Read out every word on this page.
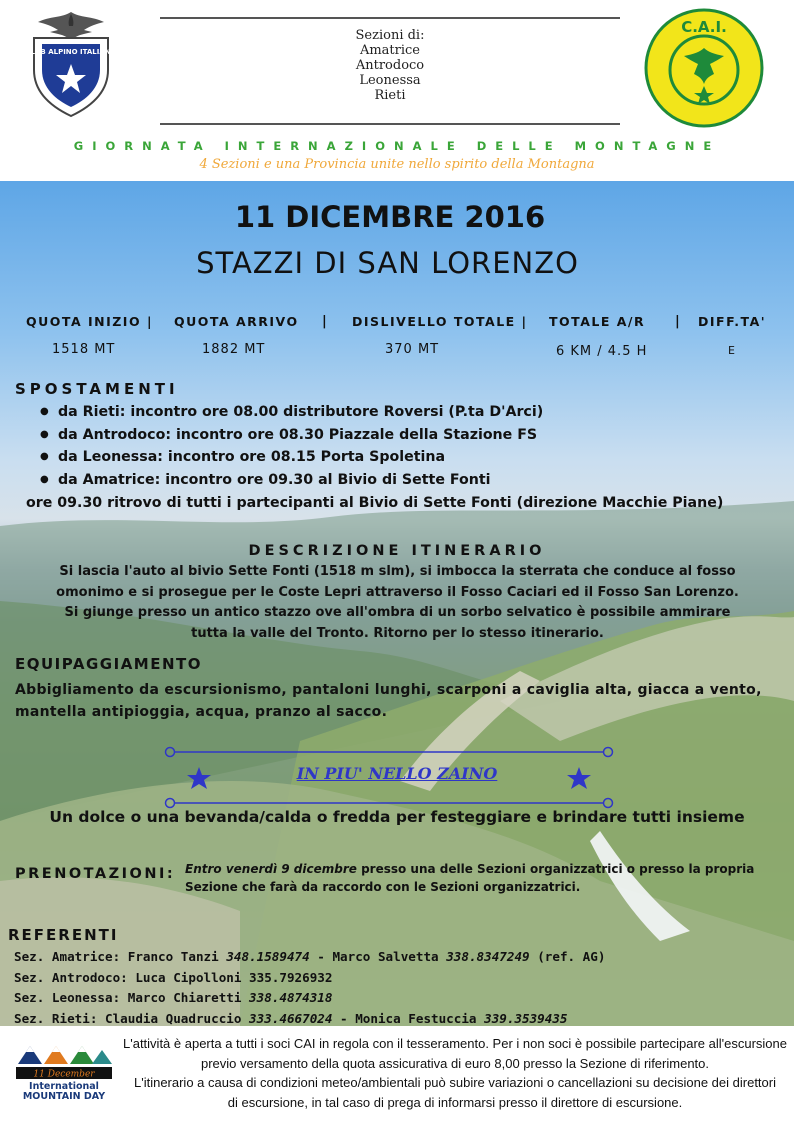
CLUB ALPINO ITALIANO
Sezioni di:
Amatrice
Antrodoco
Leonessa
Rieti
C.A.I.
GIORNATA INTERNAZIONALE DELLE MONTAGNE
4 Sezioni e una Provincia unite nello spirito della Montagna
11 DICEMBRE 2016
STAZZI DI SAN LORENZO
QUOTA INIZIO | QUOTA ARRIVO | DISLIVELLO TOTALE | TOTALE A/R | DIFF.TA'
1518 MT	1882 MT	370 MT	6 KM / 4.5 H	E
SPOSTAMENTI
● da Rieti: incontro ore 08.00 distributore Roversi (P.ta D'Arci)
● da Antrodoco: incontro ore 08.30 Piazzale della Stazione FS
● da Leonessa: incontro ore 08.15 Porta Spoletina
● da Amatrice: incontro ore 09.30 al Bivio di Sette Fonti
ore 09.30 ritrovo di tutti i partecipanti al Bivio di Sette Fonti (direzione Macchie Piane)
DESCRIZIONE ITINERARIO
Si lascia l'auto al bivio Sette Fonti (1518 m slm), si imbocca la sterrata che conduce al fosso
omonimo e si prosegue per le Coste Lepri attraverso il Fosso Caciari ed il Fosso San Lorenzo.
Si giunge presso un antico stazzo ove all'ombra di un sorbo selvatico è possibile ammirare
tutta la valle del Tronto. Ritorno per lo stesso itinerario.
EQUIPAGGIAMENTO
Abbigliamento da escursionismo, pantaloni lunghi, scarponi a caviglia alta, giacca a vento,
mantella antipioggia, acqua, pranzo al sacco.
IN PIU' NELLO ZAINO
Un dolce o una bevanda/calda o fredda per festeggiare e brindare tutti insieme
PRENOTAZIONI: Entro venerdì 9 dicembre presso una delle Sezioni organizzatrici o presso la propria
Sezione che farà da raccordo con le Sezioni organizzatrici.
REFERENTI
Sez. Amatrice: Franco Tanzi 348.1589474 - Marco Salvetta 338.8347249 (ref. AG)
Sez. Antrodoco: Luca Cipolloni 335.7926932
Sez. Leonessa: Marco Chiaretti 338.4874318
Sez. Rieti: Claudia Quadruccio 333.4667024 - Monica Festuccia 339.3539435
11 December
International
MOUNTAIN DAY
L'attività è aperta a tutti i soci CAI in regola con il tesseramento. Per i non soci è possibile partecipare all'escursione
previo versamento della quota assicurativa di euro 8,00 presso la Sezione di riferimento.
L'itinerario a causa di condizioni meteo/ambientali può subire variazioni o cancellazioni su decisione dei direttori
di escursione, in tal caso di prega di informarsi presso il direttore di escursione.
